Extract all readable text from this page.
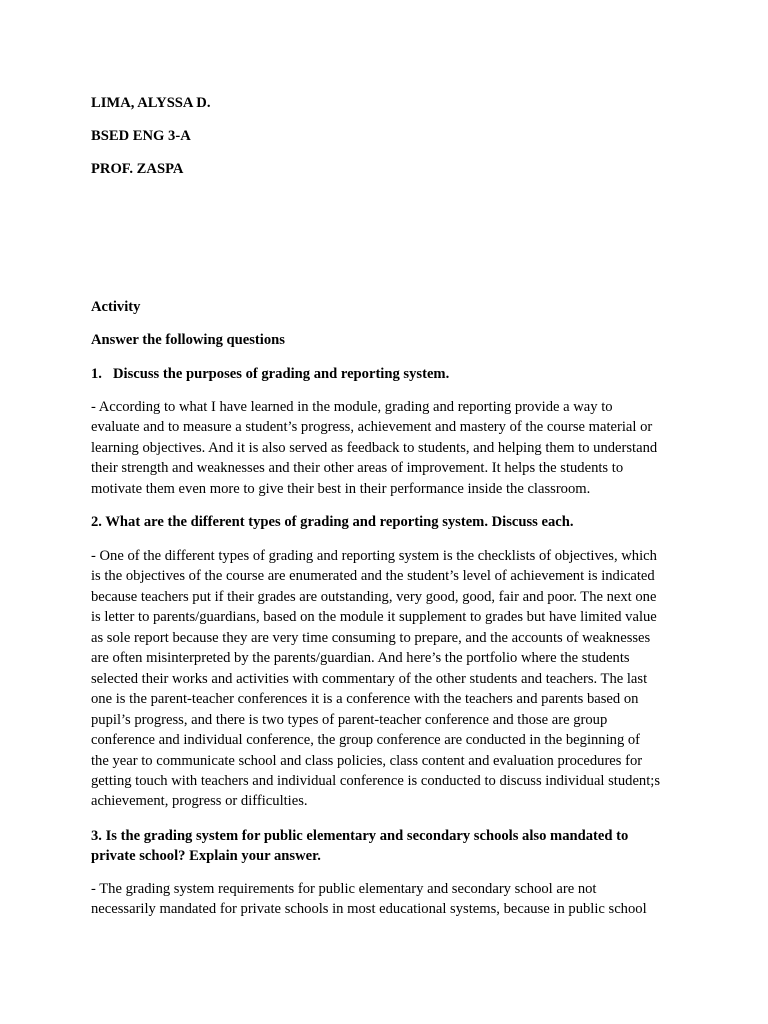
LIMA, ALYSSA D.

BSED ENG 3-A

PROF. ZASPA

Activity

Answer the following questions

1. Discuss the purposes of grading and reporting system.

- According to what I have learned in the module, grading and reporting provide a way to
evaluate and to measure a student’s progress, achievement and mastery of the course material or
learning objectives. And it is also served as feedback to students, and helping them to understand
their strength and weaknesses and their other areas of improvement. It helps the students to
motivate them even more to give their best in their performance inside the classroom.

2. What are the different types of grading and reporting system. Discuss each.

- One of the different types of grading and reporting system is the checklists of objectives, which
is the objectives of the course are enumerated and the student’s level of achievement is indicated
because teachers put if their grades are outstanding, very good, good, fair and poor. The next one
is letter to parents/guardians, based on the module it supplement to grades but have limited value
as sole report because they are very time consuming to prepare, and the accounts of weaknesses
are often misinterpreted by the parents/guardian. And here’s the portfolio where the students
selected their works and activities with commentary of the other students and teachers. The last
one is the parent-teacher conferences it is a conference with the teachers and parents based on
pupil’s progress, and there is two types of parent-teacher conference and those are group
conference and individual conference, the group conference are conducted in the beginning of
the year to communicate school and class policies, class content and evaluation procedures for
getting touch with teachers and individual conference is conducted to discuss individual student;s
achievement, progress or difficulties.
3. Is the grading system for public elementary and secondary schools also mandated to
private school? Explain your answer.
- The grading system requirements for public elementary and secondary school are not
necessarily mandated for private schools in most educational systems, because in public school
